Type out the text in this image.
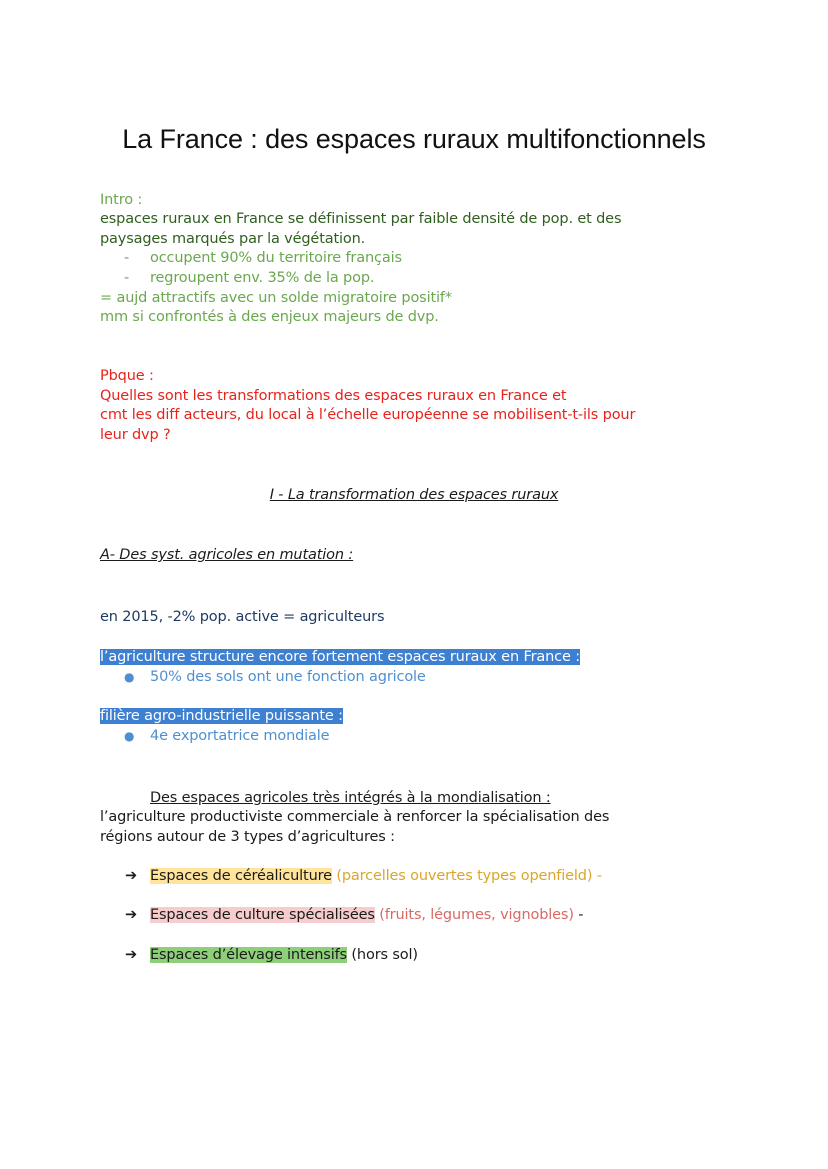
La France : des espaces ruraux multifonctionnels
Intro :
espaces ruraux en France se définissent par faible densité de pop. et des
paysages marqués par la végétation.
- occupent 90% du territoire français
- regroupent env. 35% de la pop.
= aujd attractifs avec un solde migratoire positif*
mm si confrontés à des enjeux majeurs de dvp.
Pbque :
Quelles sont les transformations des espaces ruraux en France et
cmt les diff acteurs, du local à l’échelle européenne se mobilisent-t-ils pour
leur dvp ?
I - La transformation des espaces ruraux
A- Des syst. agricoles en mutation :
en 2015, -2% pop. active = agriculteurs
l’agriculture structure encore fortement espaces ruraux en France :
● 50% des sols ont une fonction agricole
filière agro-industrielle puissante :
● 4e exportatrice mondiale
Des espaces agricoles très intégrés à la mondialisation :
l’agriculture productiviste commerciale à renforcer la spécialisation des
régions autour de 3 types d’agricultures :
➔ Espaces de céréaliculture (parcelles ouvertes types openfield) -
➔ Espaces de culture spécialisées (fruits, légumes, vignobles) -
➔ Espaces d’élevage intensifs (hors sol)
